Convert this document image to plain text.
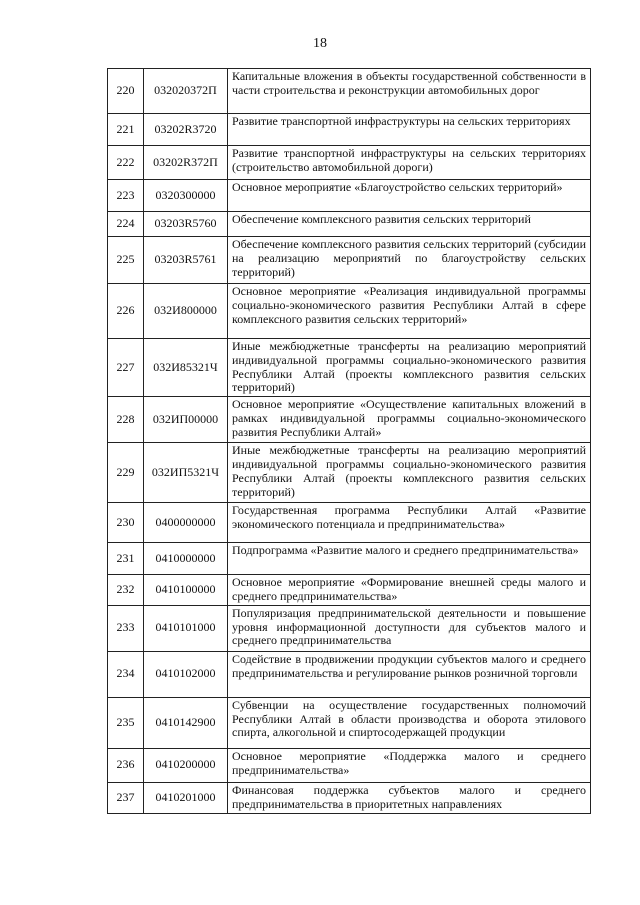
18
220	032020372П	Капитальные вложения в объекты государственной собственности в части строительства и реконструкции автомобильных дорог
221	03202R3720	Развитие транспортной инфраструктуры на сельских территориях
222	03202R372П	Развитие транспортной инфраструктуры на сельских территориях (строительство автомобильной дороги)
223	0320300000	Основное мероприятие «Благоустройство сельских территорий»
224	03203R5760	Обеспечение комплексного развития сельских территорий
225	03203R5761	Обеспечение комплексного развития сельских территорий (субсидии на реализацию мероприятий по благоустройству сельских территорий)
226	032И800000	Основное мероприятие «Реализация индивидуальной программы социально-экономического развития Республики Алтай в сфере комплексного развития сельских территорий»
227	032И85321Ч	Иные межбюджетные трансферты на реализацию мероприятий индивидуальной программы социально-экономического развития Республики Алтай (проекты комплексного развития сельских территорий)
228	032ИП00000	Основное мероприятие «Осуществление капитальных вложений в рамках индивидуальной программы социально-экономического развития Республики Алтай»
229	032ИП5321Ч	Иные межбюджетные трансферты на реализацию мероприятий индивидуальной программы социально-экономического развития Республики Алтай (проекты комплексного развития сельских территорий)
230	0400000000	Государственная программа Республики Алтай «Развитие экономического потенциала и предпринимательства»
231	0410000000	Подпрограмма «Развитие малого и среднего предпринимательства»
232	0410100000	Основное мероприятие «Формирование внешней среды малого и среднего предпринимательства»
233	0410101000	Популяризация предпринимательской деятельности и повышение уровня информационной доступности для субъектов малого и среднего предпринимательства
234	0410102000	Содействие в продвижении продукции субъектов малого и среднего предпринимательства и регулирование рынков розничной торговли
235	0410142900	Субвенции на осуществление государственных полномочий Республики Алтай в области производства и оборота этилового спирта, алкогольной и спиртосодержащей продукции
236	0410200000	Основное мероприятие «Поддержка малого и среднего предпринимательства»
237	0410201000	Финансовая поддержка субъектов малого и среднего предпринимательства в приоритетных направлениях
